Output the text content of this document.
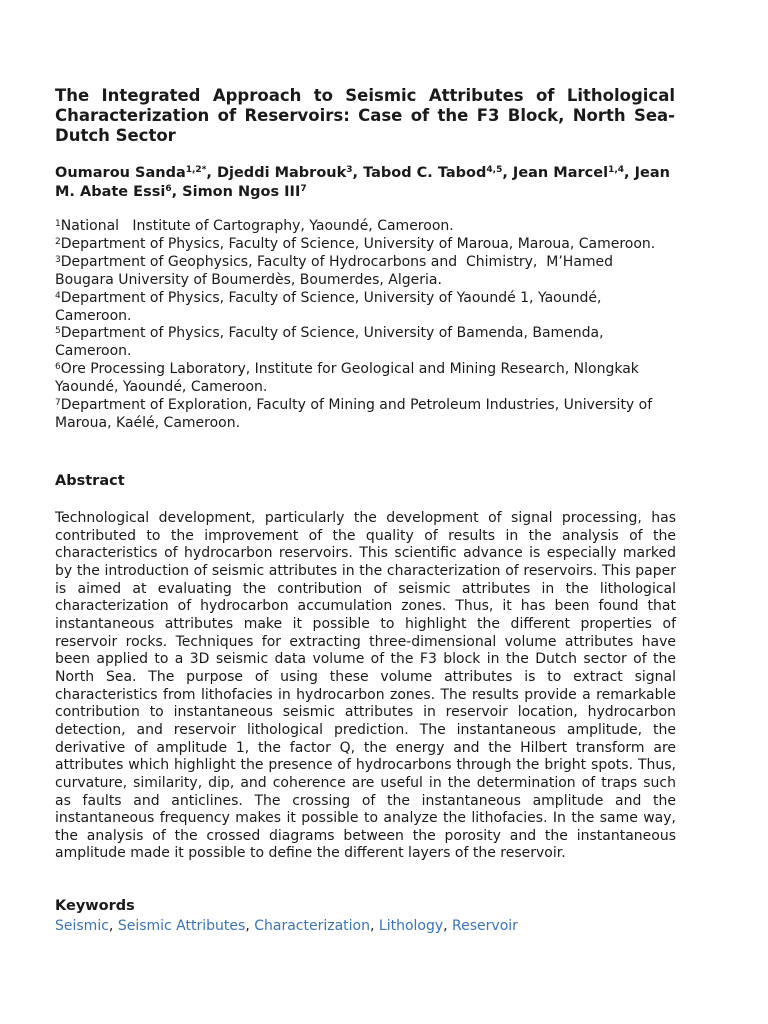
The Integrated Approach to Seismic Attributes of Lithological Characterization of Reservoirs: Case of the F3 Block, North Sea-Dutch Sector

Oumarou Sanda$^{1,2*}$, Djeddi Mabrouk$^3$, Tabod C. Tabod$^{4,5}$, Jean Marcel$^{1,4}$, Jean M. Abate Essi$^6$, Simon Ngos III$^7$

$^1$National   Institute of Cartography, Yaoundé, Cameroon.
$^2$Department of Physics, Faculty of Science, University of Maroua, Maroua, Cameroon.
$^3$Department of Geophysics, Faculty of Hydrocarbons and  Chimistry,  M’Hamed Bougara University of Boumerdès, Boumerdes, Algeria.
$^4$Department of Physics, Faculty of Science, University of Yaoundé 1, Yaoundé, Cameroon.
$^5$Department of Physics, Faculty of Science, University of Bamenda, Bamenda, Cameroon.
$^6$Ore Processing Laboratory, Institute for Geological and Mining Research, Nlongkak Yaoundé, Yaoundé, Cameroon.
$^7$Department of Exploration, Faculty of Mining and Petroleum Industries, University of Maroua, Kaélé, Cameroon.
Abstract

Technological development, particularly the development of signal processing, has contributed to the improvement of the quality of results in the analysis of the characteristics of hydrocarbon reservoirs. This scientific advance is especially marked by the introduction of seismic attributes in the characterization of reservoirs. This paper is aimed at evaluating the contribution of seismic attributes in the lithological characterization of hydrocarbon accumulation zones. Thus, it has been found that instantaneous attributes make it possible to highlight the different properties of reservoir rocks. Techniques for extracting three-dimensional volume attributes have been applied to a 3D seismic data volume of the F3 block in the Dutch sector of the North Sea. The purpose of using these volume attributes is to extract signal characteristics from lithofacies in hydrocarbon zones. The results provide a remarkable contribution to instantaneous seismic attributes in reservoir location, hydrocarbon detection, and reservoir lithological prediction. The instantaneous amplitude, the derivative of amplitude 1, the factor Q, the energy and the Hilbert transform are attributes which highlight the presence of hydrocarbons through the bright spots. Thus, curvature, similarity, dip, and coherence are useful in the determination of traps such as faults and anticlines. The crossing of the instantaneous amplitude and the instantaneous frequency makes it possible to analyze the lithofacies. In the same way, the analysis of the crossed diagrams between the porosity and the instantaneous amplitude made it possible to define the different layers of the reservoir.

Keywords
Seismic, Seismic Attributes, Characterization, Lithology, Reservoir
